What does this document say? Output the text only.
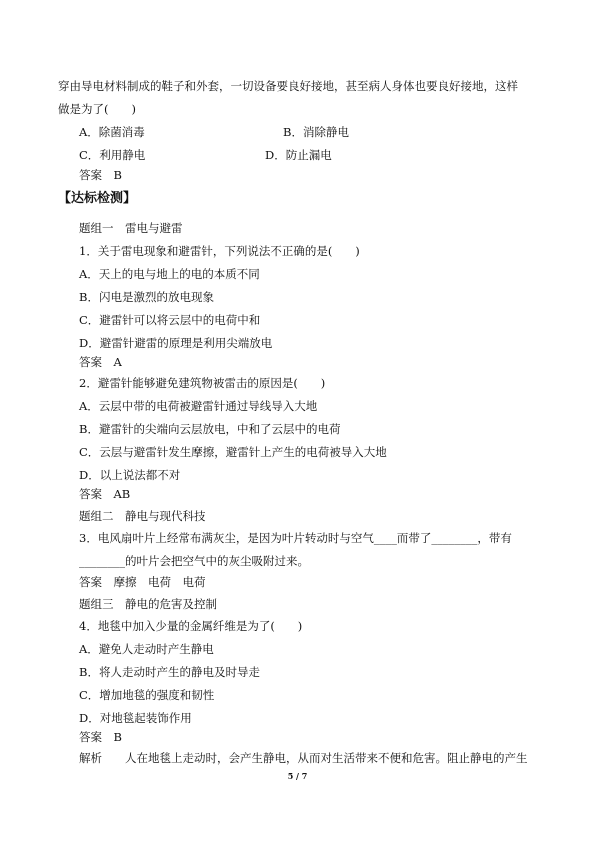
穿由导电材料制成的鞋子和外套，一切设备要良好接地，甚至病人身体也要良好接地，这样
做是为了(　　)
A．除菌消毒	B．消除静电
C．利用静电	D．防止漏电
答案　B
【达标检测】
题组一　雷电与避雷
1．关于雷电现象和避雷针，下列说法不正确的是(　　)
A．天上的电与地上的电的本质不同
B．闪电是激烈的放电现象
C．避雷针可以将云层中的电荷中和
D．避雷针避雷的原理是利用尖端放电
答案　A
2．避雷针能够避免建筑物被雷击的原因是(　　)
A．云层中带的电荷被避雷针通过导线导入大地
B．避雷针的尖端向云层放电，中和了云层中的电荷
C．云层与避雷针发生摩擦，避雷针上产生的电荷被导入大地
D．以上说法都不对
答案　AB
题组二　静电与现代科技
3．电风扇叶片上经常布满灰尘，是因为叶片转动时与空气____而带了________，带有
________的叶片会把空气中的灰尘吸附过来。
答案　摩擦　电荷　电荷
题组三　静电的危害及控制
4．地毯中加入少量的金属纤维是为了(　　)
A．避免人走动时产生静电
B．将人走动时产生的静电及时导走
C．增加地毯的强度和韧性
D．对地毯起装饰作用
答案　B
解析　　人在地毯上走动时，会产生静电，从而对生活带来不便和危害。阻止静电的产生
5 / 7
